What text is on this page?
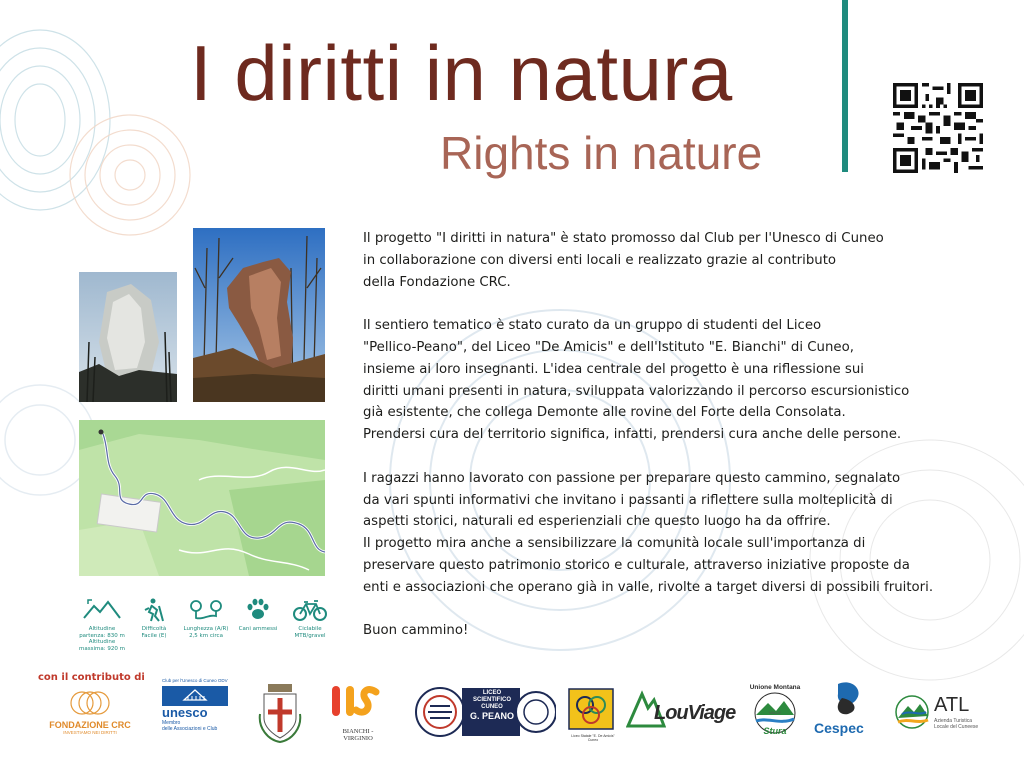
I diritti in natura
Rights in nature

Il progetto "I diritti in natura" è stato promosso dal Club per l'Unesco di Cuneo
in collaborazione con diversi enti locali e realizzato grazie al contributo
della Fondazione CRC.

Il sentiero tematico è stato curato da un gruppo di studenti del Liceo
"Pellico-Peano", del Liceo "De Amicis" e dell'Istituto "E. Bianchi" di Cuneo,
insieme ai loro insegnanti. L'idea centrale del progetto è una riflessione sui
diritti umani presenti in natura, sviluppata valorizzando il percorso escursionistico
già esistente, che collega Demonte alle rovine del Forte della Consolata.
Prendersi cura del territorio significa, infatti, prendersi cura anche delle persone.

I ragazzi hanno lavorato con passione per preparare questo cammino, segnalato
da vari spunti informativi che invitano i passanti a riflettere sulla molteplicità di
aspetti storici, naturali ed esperienziali che questo luogo ha da offrire.
Il progetto mira anche a sensibilizzare la comunità locale sull'importanza di
preservare questo patrimonio storico e culturale, attraverso iniziative proposte da
enti e associazioni che operano già in valle, rivolte a target diversi di possibili fruitori.

Buon cammino!

Altitudine partenza: 830 m
Altitudine massima: 920 m
Difficoltà
Facile (E)
Lunghezza (A/R)
2,5 km circa
Cani ammessi	Ciclabile
MTB/gravel
con il contributo di
FONDAZIONE CRC
INVESTIAMO NEI DIRITTI
Club per l'Unesco di Cuneo ODV
unesco
Membro
delle Associazioni e Club	BIANCHI - VIRGINIO
LICEO
SCIENTIFICO
CUNEO
G. PEANO
Liceo Statale "E. De Amicis"
Cuneo
LouViage
Unione Montana
VALLE
Stura	Cespec
ATL
Azienda Turistica
Locale del Cuneese
